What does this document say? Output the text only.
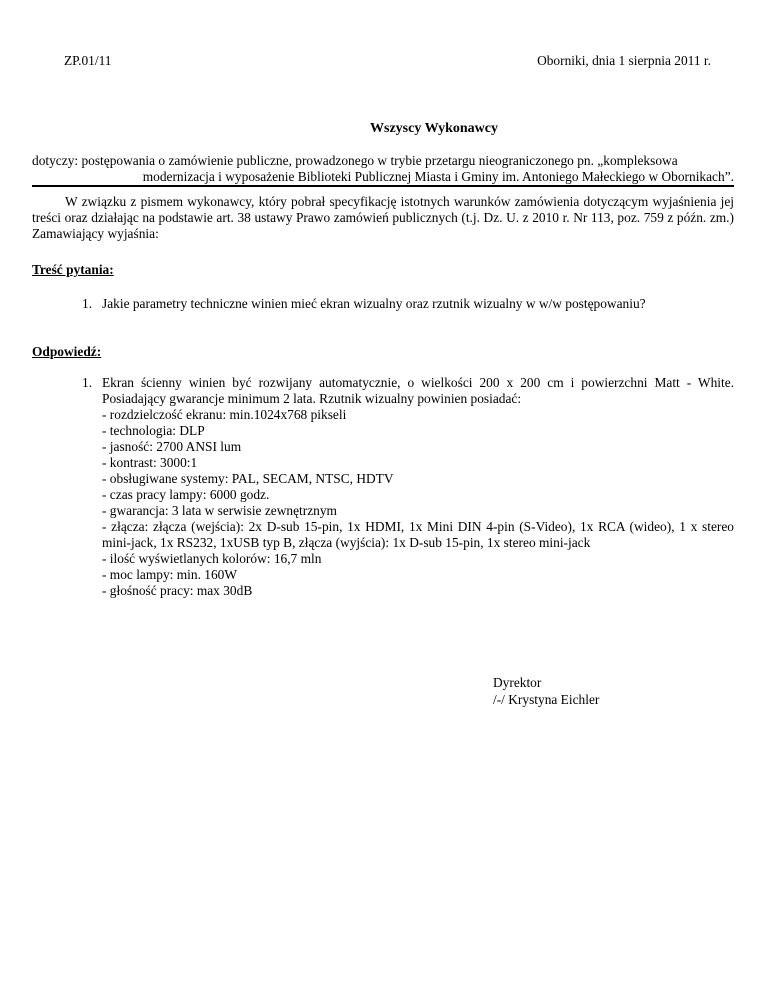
ZP.01/11	Oborniki, dnia 1 sierpnia 2011 r.
Wszyscy Wykonawcy
dotyczy: postępowania o zamówienie publiczne, prowadzonego w trybie przetargu nieograniczonego pn. „kompleksowa
modernizacja i wyposażenie Biblioteki Publicznej Miasta i Gminy im. Antoniego Małeckiego w Obornikach”.

W związku z pismem wykonawcy, który pobrał specyfikację istotnych warunków zamówienia dotyczącym wyjaśnienia jej treści oraz działając na podstawie art. 38 ustawy Prawo zamówień publicznych (t.j. Dz. U. z 2010 r. Nr 113, poz. 759 z późn. zm.) Zamawiający wyjaśnia:

Treść pytania:
1. Jakie parametry techniczne winien mieć ekran wizualny oraz rzutnik wizualny w w/w postępowaniu?
Odpowiedź:
1. Ekran ścienny winien być rozwijany automatycznie, o wielkości 200 x 200 cm i powierzchni Matt - White. Posiadający gwarancje minimum 2 lata. Rzutnik wizualny powinien posiadać:
- rozdzielczość ekranu: min.1024x768 pikseli
- technologia: DLP
- jasność: 2700 ANSI lum
- kontrast: 3000:1
- obsługiwane systemy: PAL, SECAM, NTSC, HDTV
- czas pracy lampy: 6000 godz.
- gwarancja: 3 lata w serwisie zewnętrznym
- złącza: złącza (wejścia): 2x D-sub 15-pin, 1x HDMI, 1x Mini DIN 4-pin (S-Video), 1x RCA (wideo), 1 x stereo mini-jack, 1x RS232, 1xUSB typ B, złącza (wyjścia): 1x D-sub 15-pin, 1x stereo mini-jack
- ilość wyświetlanych kolorów: 16,7 mln
- moc lampy: min. 160W
- głośność pracy: max 30dB
Dyrektor
/-/ Krystyna Eichler
